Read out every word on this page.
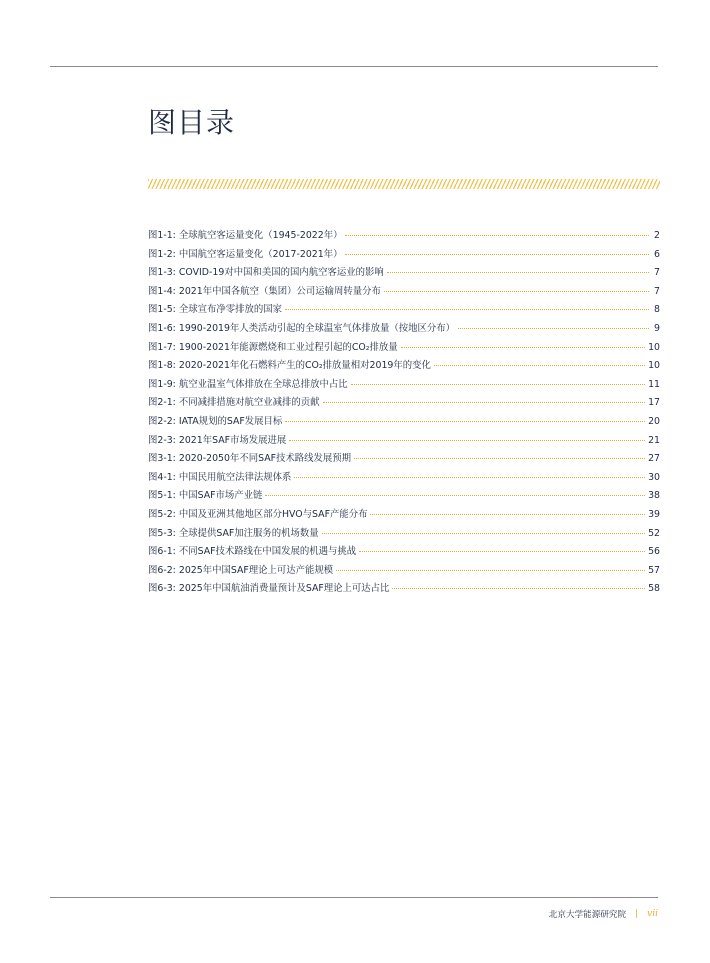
图目录
图1-1: 全球航空客运量变化（1945-2022年）	2
图1-2: 中国航空客运量变化（2017-2021年）	6
图1-3: COVID-19对中国和美国的国内航空客运业的影响	7
图1-4: 2021年中国各航空（集团）公司运输周转量分布	7
图1-5: 全球宣布净零排放的国家	8
图1-6: 1990-2019年人类活动引起的全球温室气体排放量（按地区分布）	9
图1-7: 1900-2021年能源燃烧和工业过程引起的CO₂排放量	10
图1-8: 2020-2021年化石燃料产生的CO₂排放量相对2019年的变化	10
图1-9: 航空业温室气体排放在全球总排放中占比	11
图2-1: 不同减排措施对航空业减排的贡献	17
图2-2: IATA规划的SAF发展目标	20
图2-3: 2021年SAF市场发展进展	21
图3-1: 2020-2050年不同SAF技术路线发展预期	27
图4-1: 中国民用航空法律法规体系	30
图5-1: 中国SAF市场产业链	38
图5-2: 中国及亚洲其他地区部分HVO与SAF产能分布	39
图5-3: 全球提供SAF加注服务的机场数量	52
图6-1: 不同SAF技术路线在中国发展的机遇与挑战	56
图6-2: 2025年中国SAF理论上可达产能规模	57
图6-3: 2025年中国航油消费量预计及SAF理论上可达占比	58
北京大学能源研究院 | vii
